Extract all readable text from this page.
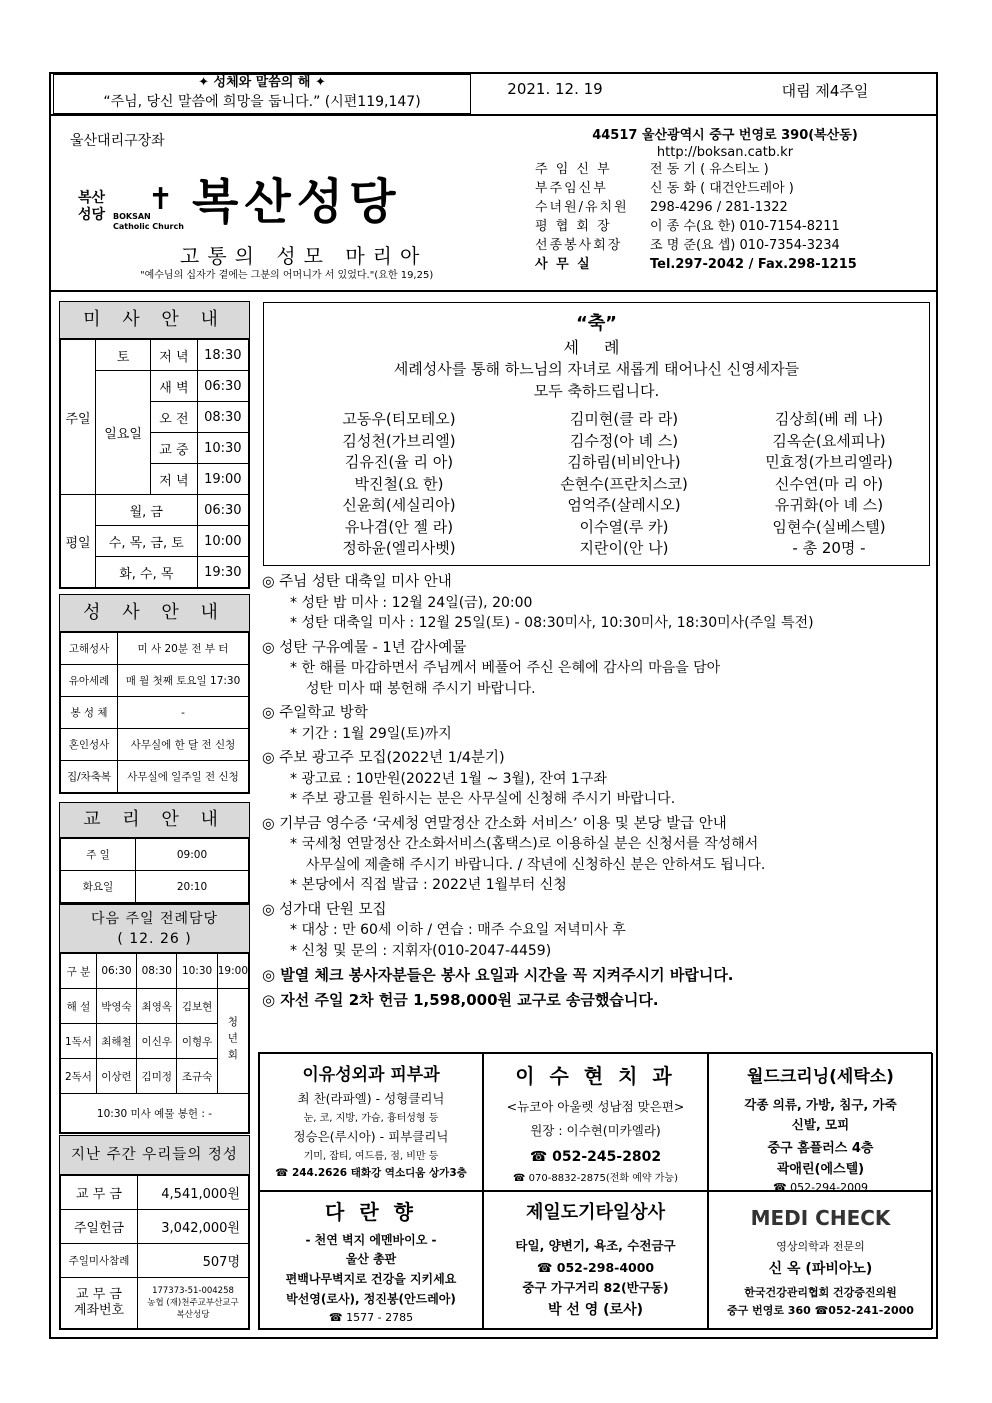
✦ 성체와 말씀의 해 ✦
“주님, 당신 말씀에 희망을 둡니다.” (시편119,147)
2021. 12. 19	대림 제4주일
울산대리구장좌
복산
성당 ✝
BOKSAN
Catholic Church 복산성당
고통의 성모 마리아
"예수님의 십자가 곁에는 그분의 어머니가 서 있었다."(요한 19,25)
44517 울산광역시 중구 번영로 390(복산동)
http://boksan.catb.kr
주 임 신 부	전 동 기 ( 유스티노 )
부주임신부	신 동 화 ( 대건안드레아 )
수녀원/유치원	298-4296 / 281-1322
평 협 회 장	이 종 수(요 한) 010-7154-8211
선종봉사회장	조 명 준(요 셉) 010-7354-3234
사 무 실	Tel.297-2042 / Fax.298-1215
미 사 안 내
주일	토	저 녁	18:30
	일요일	새 벽	06:30
		오 전	08:30
		교 중	10:30
		저 녁	19:00
평일	월, 금		06:30
	수, 목, 금, 토		10:00
	화, 수, 목		19:30
성 사 안 내
고해성사	미 사 20분 전 부 터
유아세례	매 월 첫째 토요일 17:30
봉 성 체	-
혼인성사	사무실에 한 달 전 신청
집/차축복	사무실에 일주일 전 신청
교 리 안 내
주 일	09:00
화요일	20:10
다음 주일 전례담당
( 12. 26 )
구 분	06:30	08:30	10:30	19:00
해 설	박영숙	최영옥	김보현	청년회
1독서	최해철	이신우	이형우	
2독서	이상련	김미정	조규숙	
10:30 미사 예물 봉헌 : -				
지난 주간 우리들의 정성
교 무 금	4,541,000원
주일헌금	3,042,000원
주일미사참례	507명
교 무 금
계좌번호	177373-51-004258
농협 (재)천주교부산교구
복산성당
“축”
세 례
세례성사를 통해 하느님의 자녀로 새롭게 태어나신 신영세자들
모두 축하드립니다.
고동우(티모테오)	김미현(클 라 라)	김상희(베 레 나)
김성천(가브리엘)	김수정(아 녜 스)	김옥순(요세피나)
김유진(율 리 아)	김하림(비비안나)	민효정(가브리엘라)
박진철(요 한)	손현수(프란치스코)	신수연(마 리 아)
신윤희(세실리아)	엄억주(살레시오)	유귀화(아 녜 스)
유나겸(안 젤 라)	이수열(루 카)	임현수(실베스텔)
정하윤(엘리사벳)	지란이(안 나)	- 총 20명 -
◎ 주님 성탄 대축일 미사 안내
* 성탄 밤 미사 : 12월 24일(금), 20:00
* 성탄 대축일 미사 : 12월 25일(토) - 08:30미사, 10:30미사, 18:30미사(주일 특전)
◎ 성탄 구유예물 - 1년 감사예물
* 한 해를 마감하면서 주님께서 베풀어 주신 은혜에 감사의 마음을 담아
성탄 미사 때 봉헌해 주시기 바랍니다.
◎ 주일학교 방학
* 기간 : 1월 29일(토)까지
◎ 주보 광고주 모집(2022년 1/4분기)
* 광고료 : 10만원(2022년 1월 ~ 3월), 잔여 1구좌
* 주보 광고를 원하시는 분은 사무실에 신청해 주시기 바랍니다.
◎ 기부금 영수증 ‘국세청 연말정산 간소화 서비스’ 이용 및 본당 발급 안내
* 국세청 연말정산 간소화서비스(홈택스)로 이용하실 분은 신청서를 작성해서
사무실에 제출해 주시기 바랍니다. / 작년에 신청하신 분은 안하셔도 됩니다.
* 본당에서 직접 발급 : 2022년 1월부터 신청
◎ 성가대 단원 모집
* 대상 : 만 60세 이하 / 연습 : 매주 수요일 저녁미사 후
* 신청 및 문의 : 지휘자(010-2047-4459)
◎ 발열 체크 봉사자분들은 봉사 요일과 시간을 꼭 지켜주시기 바랍니다.
◎ 자선 주일 2차 헌금 1,598,000원 교구로 송금했습니다.
이유성외과 피부과
최 찬(라파엘) - 성형클리닉
눈, 코, 지방, 가슴, 흉터성형 등
정승은(루시아) - 피부클리닉
기미, 잡티, 여드름, 점, 비만 등
☎ 244.2626 태화강 역소디움 상가3층
이 수 현 치 과
<뉴코아 아울렛 성남점 맞은편>
원장 : 이수현(미카엘라)
☎ 052-245-2802
☎ 070-8832-2875(전화 예약 가능)
월드크리닝(세탁소)
각종 의류, 가방, 침구, 가죽
신발, 모피
중구 홈플러스 4층
곽애린(에스텔)
☎ 052-294-2009
다 란 향
- 천연 벽지 에멘바이오 -
울산 총판
편백나무벽지로 건강을 지키세요
박선영(로사), 정진봉(안드레아)
☎ 1577 - 2785
제일도기타일상사
타일, 양변기, 욕조, 수전금구
☎ 052-298-4000
중구 가구거리 82(반구동)
박 선 영 (로사)
MEDI CHECK
영상의학과 전문의
신 옥 (파비아노)
한국건강관리협회 건강증진의원
중구 번영로 360 ☎052-241-2000
